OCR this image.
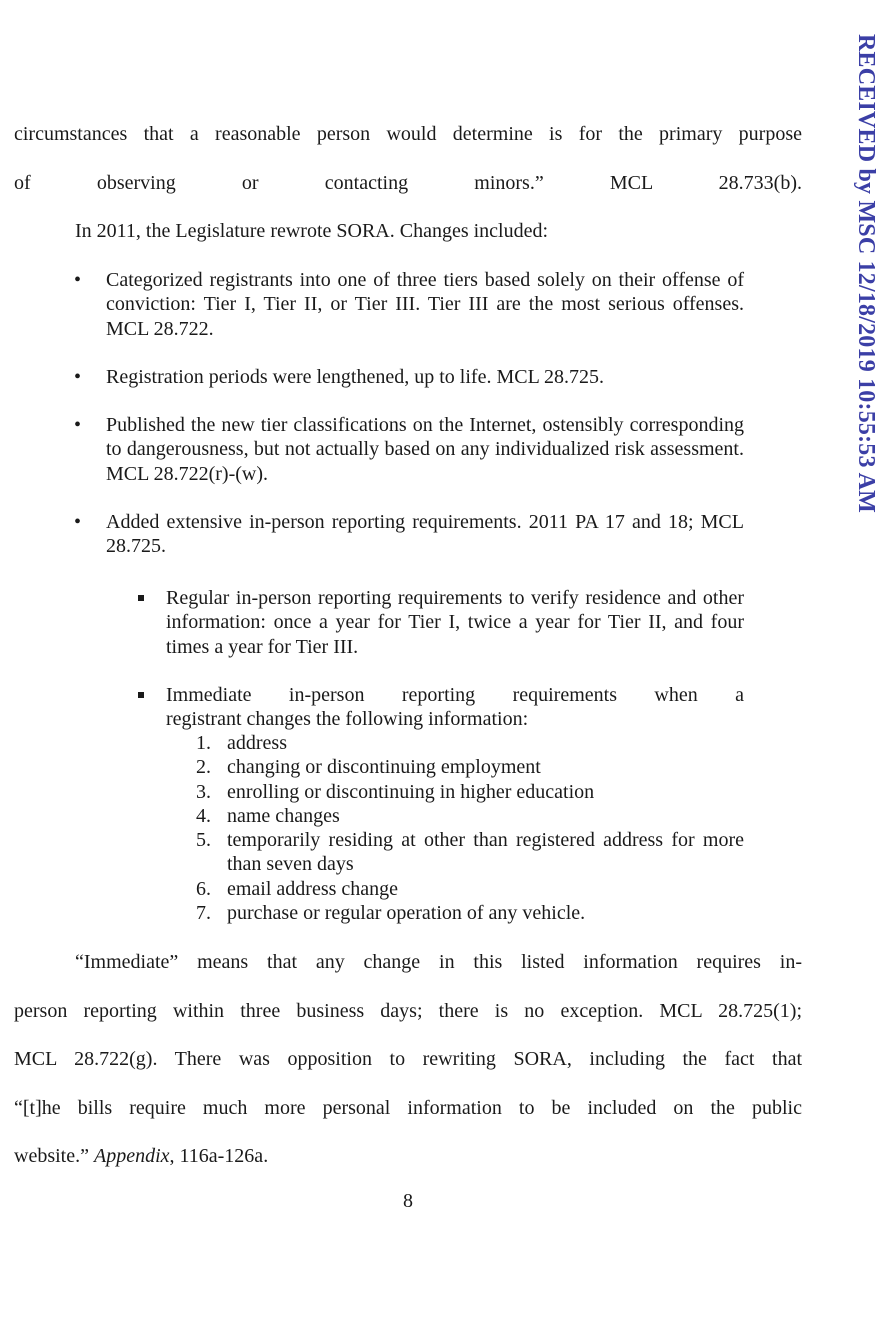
RECEIVED by MSC 12/18/2019 10:55:53 AM
circumstances that a reasonable person would determine is for the primary purpose
of observing or contacting minors.” MCL 28.733(b).
In 2011, the Legislature rewrote SORA. Changes included:
• Categorized registrants into one of three tiers based solely on their offense of conviction: Tier I, Tier II, or Tier III. Tier III are the most serious offenses. MCL 28.722.
• Registration periods were lengthened, up to life. MCL 28.725.
• Published the new tier classifications on the Internet, ostensibly corresponding to dangerousness, but not actually based on any individualized risk assessment. MCL 28.722(r)-(w).
• Added extensive in-person reporting requirements. 2011 PA 17 and 18; MCL 28.725.
Regular in-person reporting requirements to verify residence and other information: once a year for Tier I, twice a year for Tier II, and four times a year for Tier III.
Immediate in-person reporting requirements when a
registrant changes the following information:
1. address
2. changing or discontinuing employment
3. enrolling or discontinuing in higher education
4. name changes
5. temporarily residing at other than registered address for more than seven days
6. email address change
7. purchase or regular operation of any vehicle.
“Immediate” means that any change in this listed information requires in-
person reporting within three business days; there is no exception. MCL 28.725(1);
MCL 28.722(g). There was opposition to rewriting SORA, including the fact that
“[t]he bills require much more personal information to be included on the public
website.” Appendix, 116a-126a.
8
